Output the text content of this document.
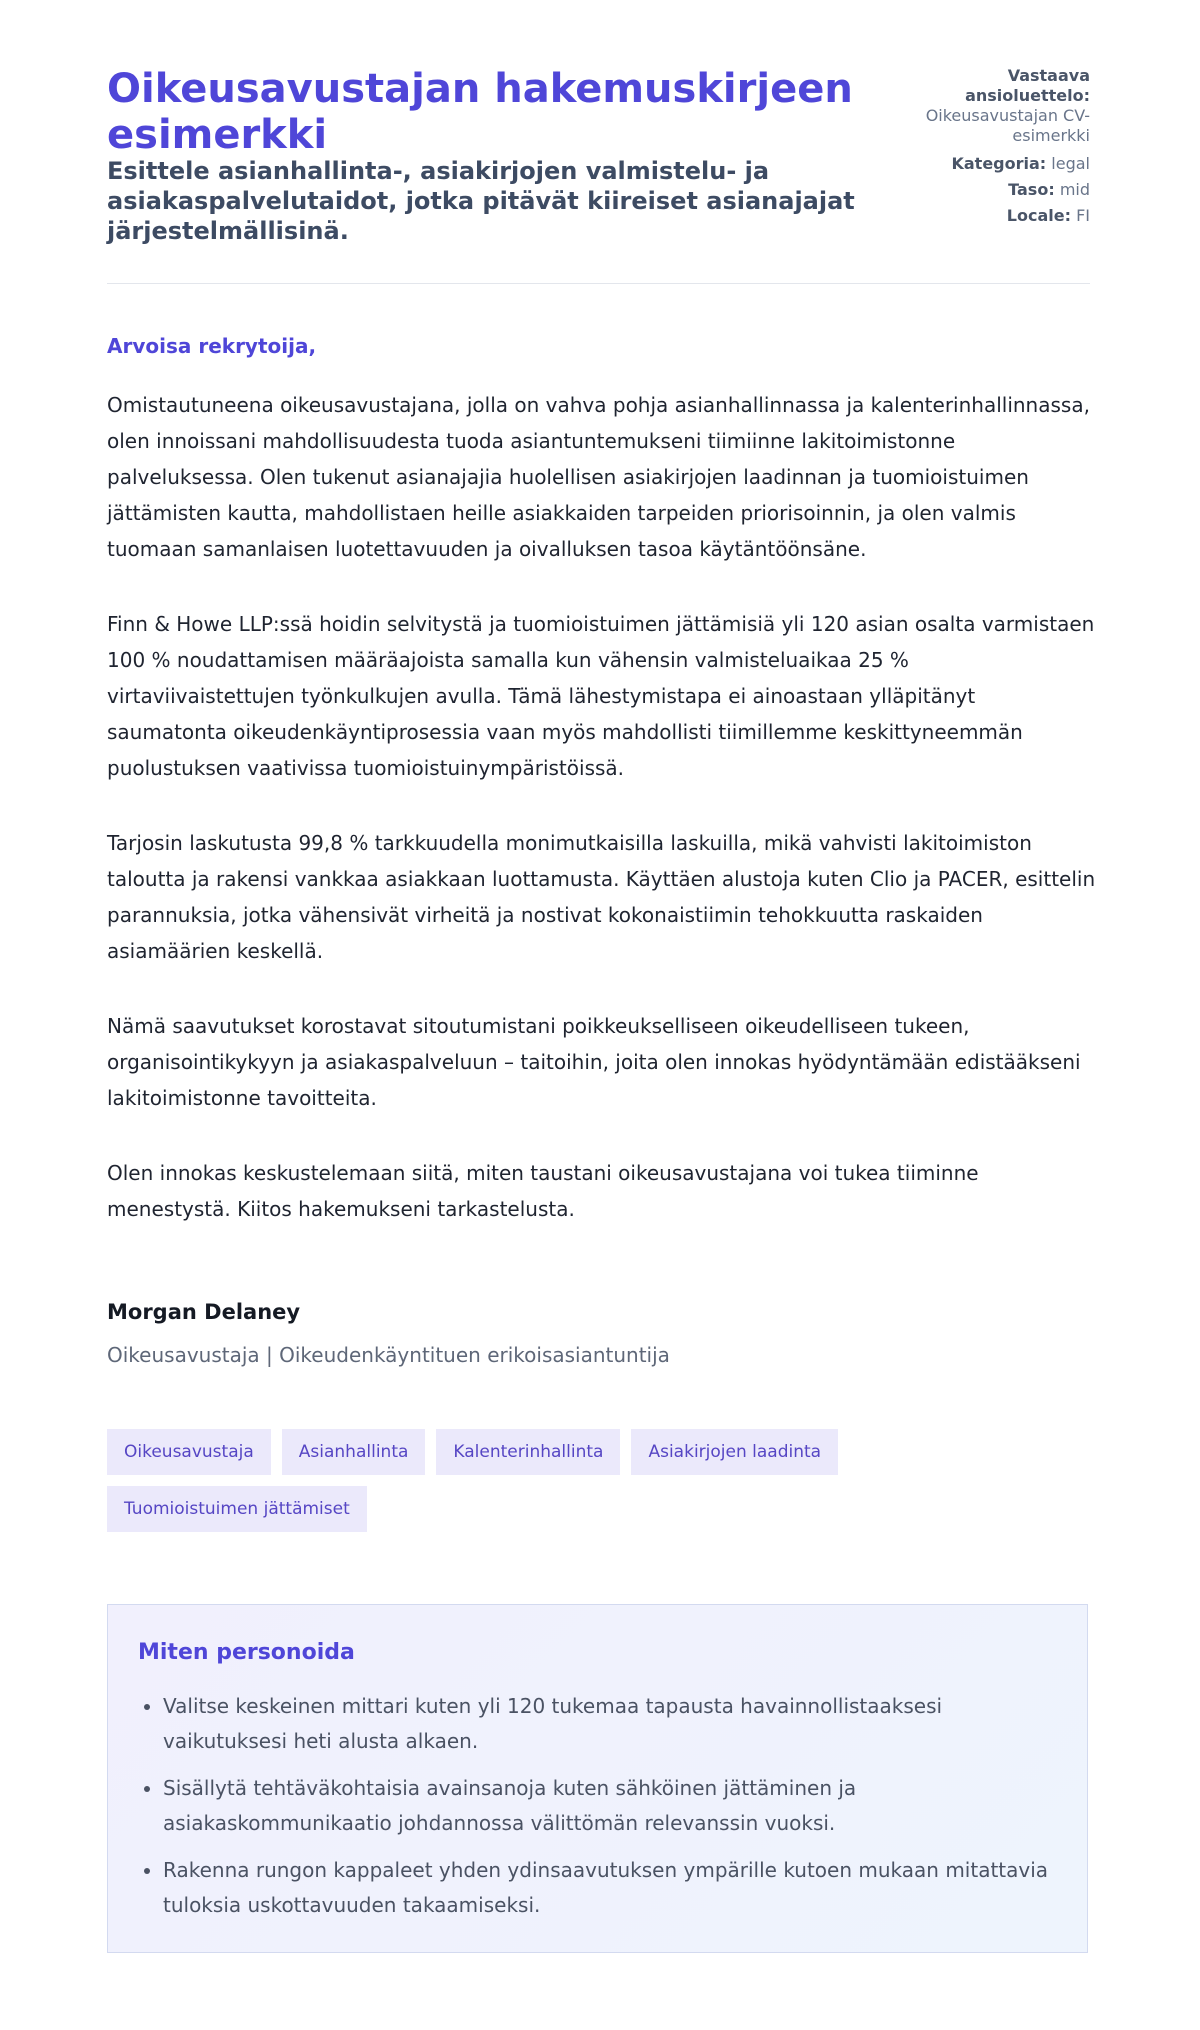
Oikeusavustajan hakemuskirjeen esimerkki
Esittele asianhallinta-, asiakirjojen valmistelu- ja asiakaspalvelutaidot, jotka pitävät kiireiset asianajajat järjestelmällisinä.
Vastaava ansioluettelo:
Oikeusavustajan CV-esimerkki
Kategoria: legal
Taso: mid
Locale: FI
Arvoisa rekrytoija,

Omistautuneena oikeusavustajana, jolla on vahva pohja asianhallinnassa ja kalenterinhallinnassa, olen innoissani mahdollisuudesta tuoda asiantuntemukseni tiimiinne lakitoimistonne palveluksessa. Olen tukenut asianajajia huolellisen asiakirjojen laadinnan ja tuomioistuimen jättämisten kautta, mahdollistaen heille asiakkaiden tarpeiden priorisoinnin, ja olen valmis tuomaan samanlaisen luotettavuuden ja oivalluksen tasoa käytäntöönsäne.

Finn & Howe LLP:ssä hoidin selvitystä ja tuomioistuimen jättämisiä yli 120 asian osalta varmistaen 100 % noudattamisen määräajoista samalla kun vähensin valmisteluaikaa 25 % virtaviivaistettujen työnkulkujen avulla. Tämä lähestymistapa ei ainoastaan ylläpitänyt saumatonta oikeudenkäyntiprosessia vaan myös mahdollisti tiimillemme keskittyneemmän puolustuksen vaativissa tuomioistuinympäristöissä.

Tarjosin laskutusta 99,8 % tarkkuudella monimutkaisilla laskuilla, mikä vahvisti lakitoimiston taloutta ja rakensi vankkaa asiakkaan luottamusta. Käyttäen alustoja kuten Clio ja PACER, esittelin parannuksia, jotka vähensivät virheitä ja nostivat kokonaistiimin tehokkuutta raskaiden asiamäärien keskellä.

Nämä saavutukset korostavat sitoutumistani poikkeukselliseen oikeudelliseen tukeen, organisointikykyyn ja asiakaspalveluun – taitoihin, joita olen innokas hyödyntämään edistääkseni lakitoimistonne tavoitteita.

Olen innokas keskustelemaan siitä, miten taustani oikeusavustajana voi tukea tiiminne menestystä. Kiitos hakemukseni tarkastelusta.

Morgan Delaney
Oikeusavustaja | Oikeudenkäyntituen erikoisasiantuntija
Oikeusavustaja	Asianhallinta	Kalenterinhallinta	Asiakirjojen laadinta
Tuomioistuimen jättämiset
Miten personoida
• Valitse keskeinen mittari kuten yli 120 tukemaa tapausta havainnollistaaksesi vaikutuksesi heti alusta alkaen.
• Sisällytä tehtäväkohtaisia avainsanoja kuten sähköinen jättäminen ja asiakaskommunikaatio johdannossa välittömän relevanssin vuoksi.
• Rakenna rungon kappaleet yhden ydinsaavutuksen ympärille kutoen mukaan mitattavia tuloksia uskottavuuden takaamiseksi.
